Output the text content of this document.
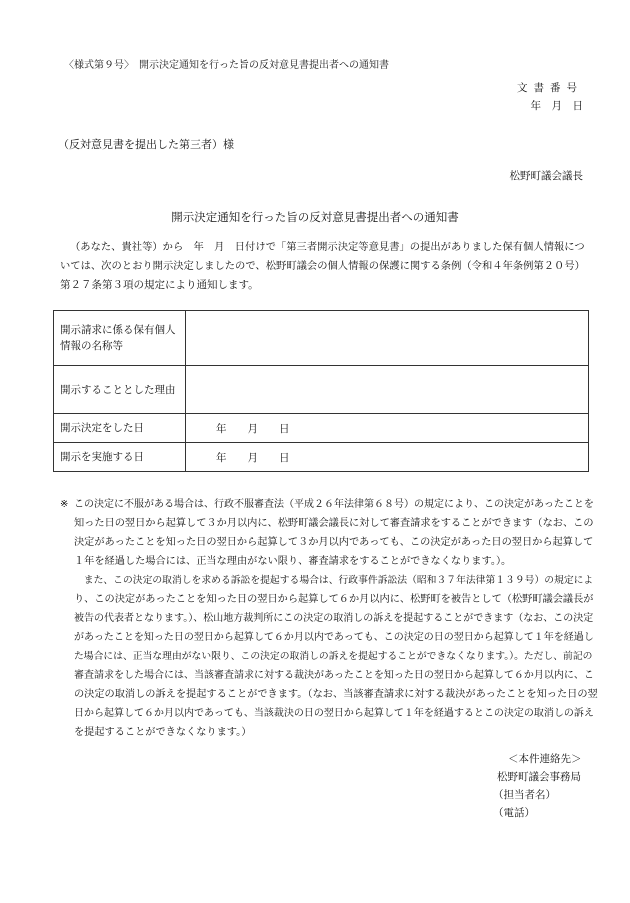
〈様式第９号〉　開示決定通知を行った旨の反対意見書提出者への通知書
文書番号
年　月　日
（反対意見書を提出した第三者）様
松野町議会議長
開示決定通知を行った旨の反対意見書提出者への通知書
（あなた、貴社等）から　年　月　日付けで「第三者開示決定等意見書」の提出がありました保有個人情報につ
いては、次のとおり開示決定しましたので、松野町議会の個人情報の保護に関する条例（令和４年条例第２０号）
第２７条第３項の規定により通知します。
開示請求に係る保有個人
情報の名称等	

開示することとした理由	

開示決定をした日	年　　月　　日

開示を実施する日	年　　月　　日
※ この決定に不服がある場合は、行政不服審査法（平成２６年法律第６８号）の規定により、この決定があったことを
知った日の翌日から起算して３か月以内に、松野町議会議長に対して審査請求をすることができます（なお、この
決定があったことを知った日の翌日から起算して３か月以内であっても、この決定があった日の翌日から起算して
１年を経過した場合には、正当な理由がない限り、審査請求をすることができなくなります。）。
　また、この決定の取消しを求める訴訟を提起する場合は、行政事件訴訟法（昭和３７年法律第１３９号）の規定によ
り、この決定があったことを知った日の翌日から起算して６か月以内に、松野町を被告として（松野町議会議長が
被告の代表者となります。）、松山地方裁判所にこの決定の取消しの訴えを提起することができます（なお、この決定
があったことを知った日の翌日から起算して６か月以内であっても、この決定の日の翌日から起算して１年を経過し
た場合には、正当な理由がない限り、この決定の取消しの訴えを提起することができなくなります。）。ただし、前記の
審査請求をした場合には、当該審査請求に対する裁決があったことを知った日の翌日から起算して６か月以内に、こ
の決定の取消しの訴えを提起することができます。（なお、当該審査請求に対する裁決があったことを知った日の翌
日から起算して６か月以内であっても、当該裁決の日の翌日から起算して１年を経過するとこの決定の取消しの訴え
を提起することができなくなります。）
＜本件連絡先＞
松野町議会事務局
（担当者名）
（電話）
